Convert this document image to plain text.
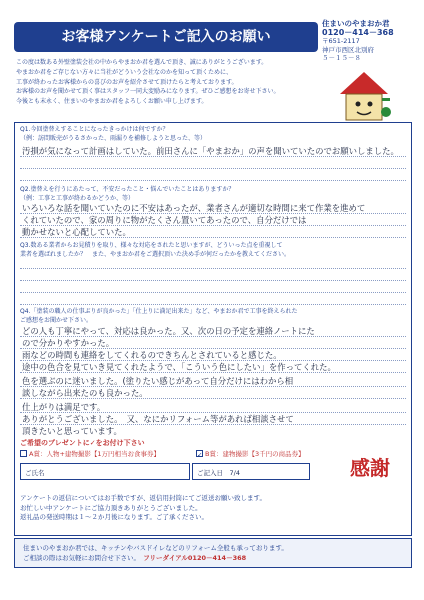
お客様アンケートご記入のお願い
住まいのやまおか君
0120－414－368
〒651-2117
神戸市西区北別府
５－１５－８
この度は数ある外壁塗装会社の中からやまおか君を選んで頂き、誠にありがとうございます。
やまおか君をご存じない方々に当社がどういう会社なのかを知って頂くために、
工事が終わったお客様からの喜びのお声を紹介させて頂けたらと考えております。
お客様のお声を聞かせて頂く事はスタッフ一同大変励みになります。ぜひご感想をお寄せ下さい。
今後とも末永く、住まいのやまおか君をよろしくお願い申し上げます。
Q1.今回塗替えすることになったきっかけは何ですか？
（例：訪問販売がうるさかった、雨漏りを補修しようと思った、等）
汚損が気になって計画はしていた。前田さんに「やまおか」の声を聞いていたのでお願いしました。
Q2.塗替えを行うにあたって、不安だったこと・悩んでいたことはありますか？
（例：工事と工事が終わるかどうか、等）
いろいろな話を聞いていたのに不安はあったが、業者さんが適切な時間に来て作業を進めて
くれていたので、家の周りに物がたくさん置いてあったので、自分だけでは
動かせないと心配していた。
Q3.数ある業者からお見積りを取り、様々な対応をされたと思いますが、どういった点を重視して
業者を選ばれましたか？　また、やまおか君をご選択頂いた決め手が何だったかを教えてください。
Q4.「塗装の職人の仕事ぶりが良かった」「仕上りに満足出来た」など、やまおか君で工事を終えられた
ご感想をお聞かせ下さい。
どの人も丁寧にやって、対応は良かった。又、次の日の予定を連絡ノートにた
ので分かりやすかった。
雨などの時間も連絡をしてくれるのできちんとされていると感じた。
途中の色合を見ていき見てくれたようで、「こういう色にしたい」を作ってくれた。
色を選ぶのに迷いました。(塗りたい感じがあって自分だけにはわから相
談しながら出来たのも良かった。
仕上がりは満足です。
ありがとうございました。　又、なにかリフォーム等があれば相談させて
頂きたいと思っています。
ご希望のプレゼントに✓をお付け下さい
A賞：人物+建物撮影【1万円相当お食事券】	✓ B賞：建物撮影【3千円の商品券】
ご氏名	ご記入日　 7/4	感謝
アンケートの返信についてはお手数ですが、返信用封筒にてご返送お願い致します。
お忙しい中アンケートにご協力頂きありがとうございました。
返礼品の発送時期は１～２か月後になります。ご了承ください。
住まいのやまおか君では、キッチンやバスドイレなどのリフォーム全般も承っております。
ご相談の際はお気軽にお問合せ下さい。　 フリーダイアル0120－414－368
